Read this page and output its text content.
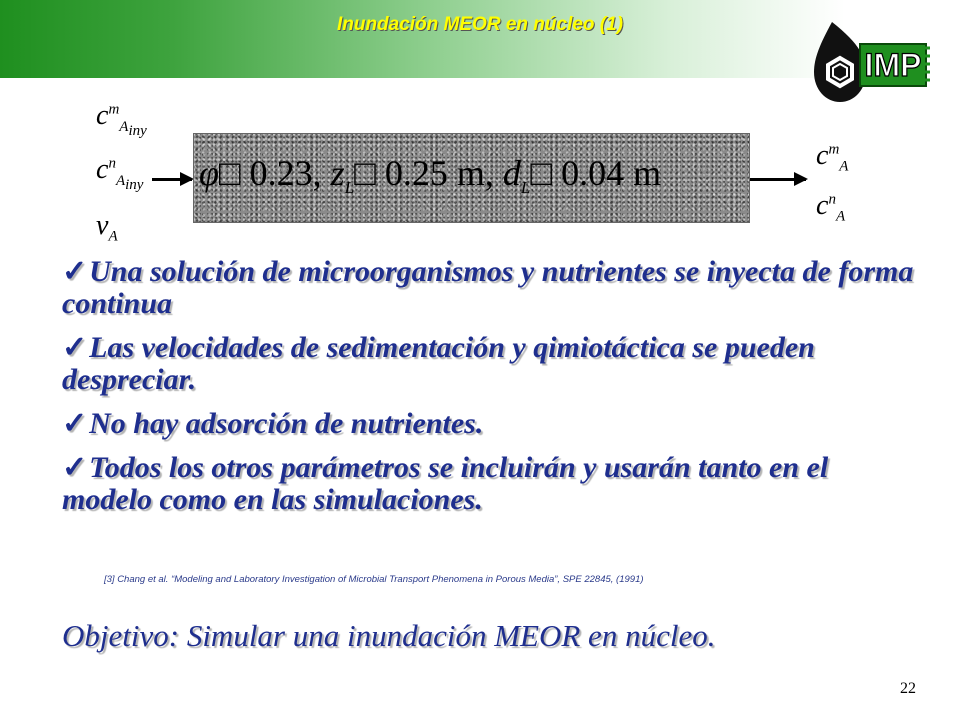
Inundación MEOR en núcleo (1)
IMP
$c^m_{A_{iny}}$
$c^n_{A_{iny}}$
$v_A$
φ□ 0.23, $z_L□$ 0.25 m, $d_L□$ 0.04 m	$c^m_A$
$c^n_A$
✓Una solución de microorganismos y nutrientes se inyecta de forma continua
✓Las velocidades de sedimentación y qimiotáctica se pueden despreciar.
✓No hay adsorción de nutrientes.
✓Todos los otros parámetros se incluirán y usarán tanto en el modelo como en las simulaciones.
[3] Chang et al. “Modeling and Laboratory Investigation of Microbial Transport Phenomena in Porous Media”, SPE 22845, (1991)
Objetivo: Simular una inundación MEOR en núcleo.
22
